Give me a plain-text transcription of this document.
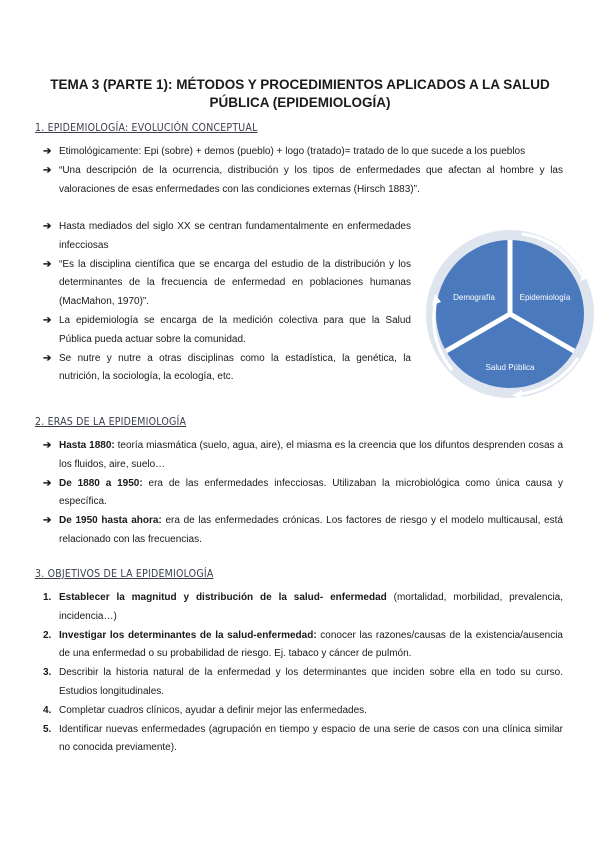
TEMA 3 (PARTE 1): MÉTODOS Y PROCEDIMIENTOS APLICADOS A LA SALUD
PÚBLICA (EPIDEMIOLOGÍA)
1. EPIDEMIOLOGÍA: EVOLUCIÓN CONCEPTUAL
➔ Etimológicamente: Epi (sobre) + demos (pueblo) + logo (tratado)= tratado de lo que sucede a los pueblos
➔ “Una descripción de la ocurrencia, distribución y los tipos de enfermedades que afectan al hombre y las valoraciones de esas enfermedades con las condiciones externas (Hirsch 1883)”.
➔ Hasta mediados del siglo XX se centran fundamentalmente en enfermedades infecciosas
➔ “Es la disciplina científica que se encarga del estudio de la distribución y los determinantes de la frecuencia de enfermedad en poblaciones humanas (MacMahon, 1970)”.
➔ La epidemiología se encarga de la medición colectiva para que la Salud Pública pueda actuar sobre la comunidad.
➔ Se nutre y nutre a otras disciplinas como la estadística, la genética, la nutrición, la sociología, la ecología, etc.
Demografía	Epidemiología
Salud Pública
2. ERAS DE LA EPIDEMIOLOGÍA
➔ Hasta 1880: teoría miasmática (suelo, agua, aire), el miasma es la creencia que los difuntos desprenden cosas a los fluidos, aire, suelo…
➔ De 1880 a 1950: era de las enfermedades infecciosas. Utilizaban la microbiológica como única causa y específica.
➔ De 1950 hasta ahora: era de las enfermedades crónicas. Los factores de riesgo y el modelo multicausal, está relacionado con las frecuencias.
3. OBJETIVOS DE LA EPIDEMIOLOGÍA
1. Establecer la magnitud y distribución de la salud- enfermedad (mortalidad, morbilidad, prevalencia, incidencia…)
2. Investigar los determinantes de la salud-enfermedad: conocer las razones/causas de la existencia/ausencia de una enfermedad o su probabilidad de riesgo. Ej. tabaco y cáncer de pulmón.
3. Describir la historia natural de la enfermedad y los determinantes que inciden sobre ella en todo su curso. Estudios longitudinales.
4. Completar cuadros clínicos, ayudar a definir mejor las enfermedades.
5. Identificar nuevas enfermedades (agrupación en tiempo y espacio de una serie de casos con una clínica similar no conocida previamente).
